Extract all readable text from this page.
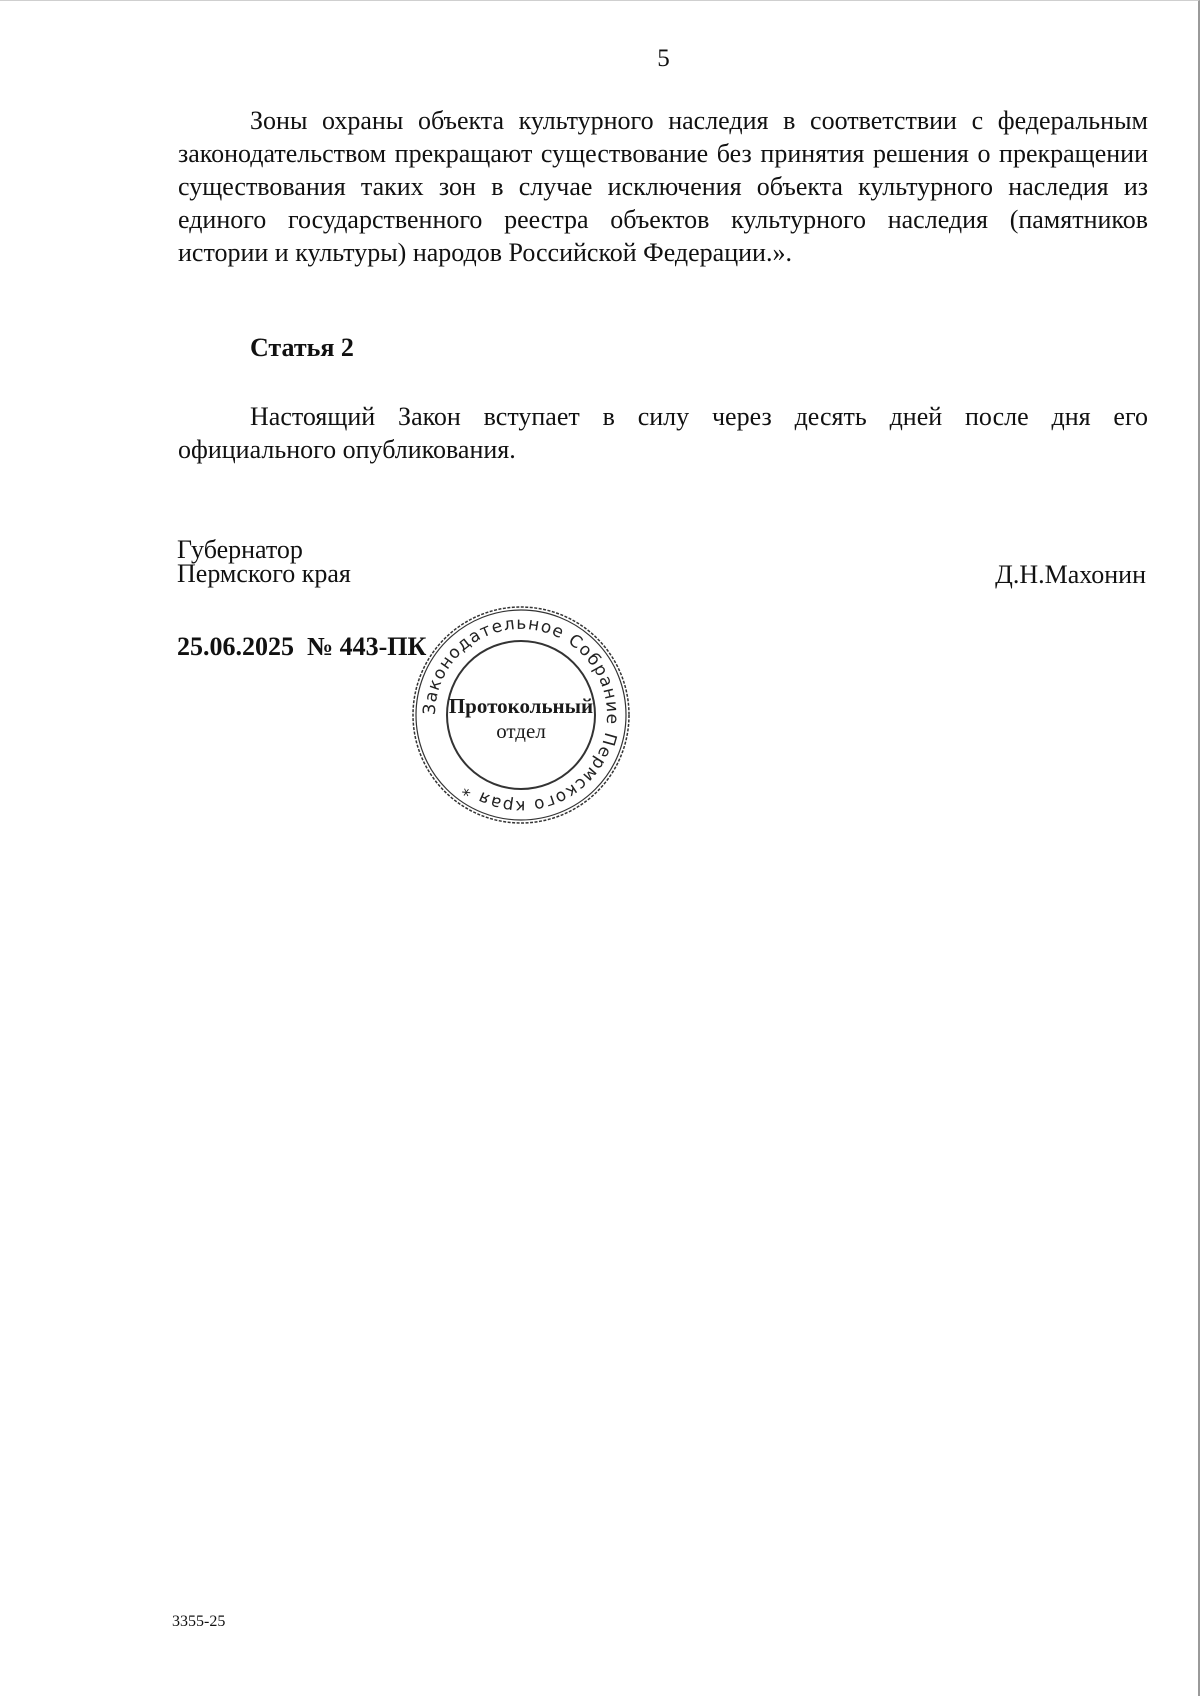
5

Зоны охраны объекта культурного наследия в соответствии с федеральным законодательством прекращают существование без принятия решения о прекращении существования таких зон в случае исключения объекта культурного наследия из единого государственного реестра объектов культурного наследия (памятников истории и культуры) народов Российской Федерации.».

Статья 2

Настоящий Закон вступает в силу через десять дней после дня его официального опубликования.

Губернатор
Пермского края	Д.Н.Махонин
25.06.2025  № 443-ПК
Законодательное Собрание Пермского края *
Протокольный
отдел
3355-25
